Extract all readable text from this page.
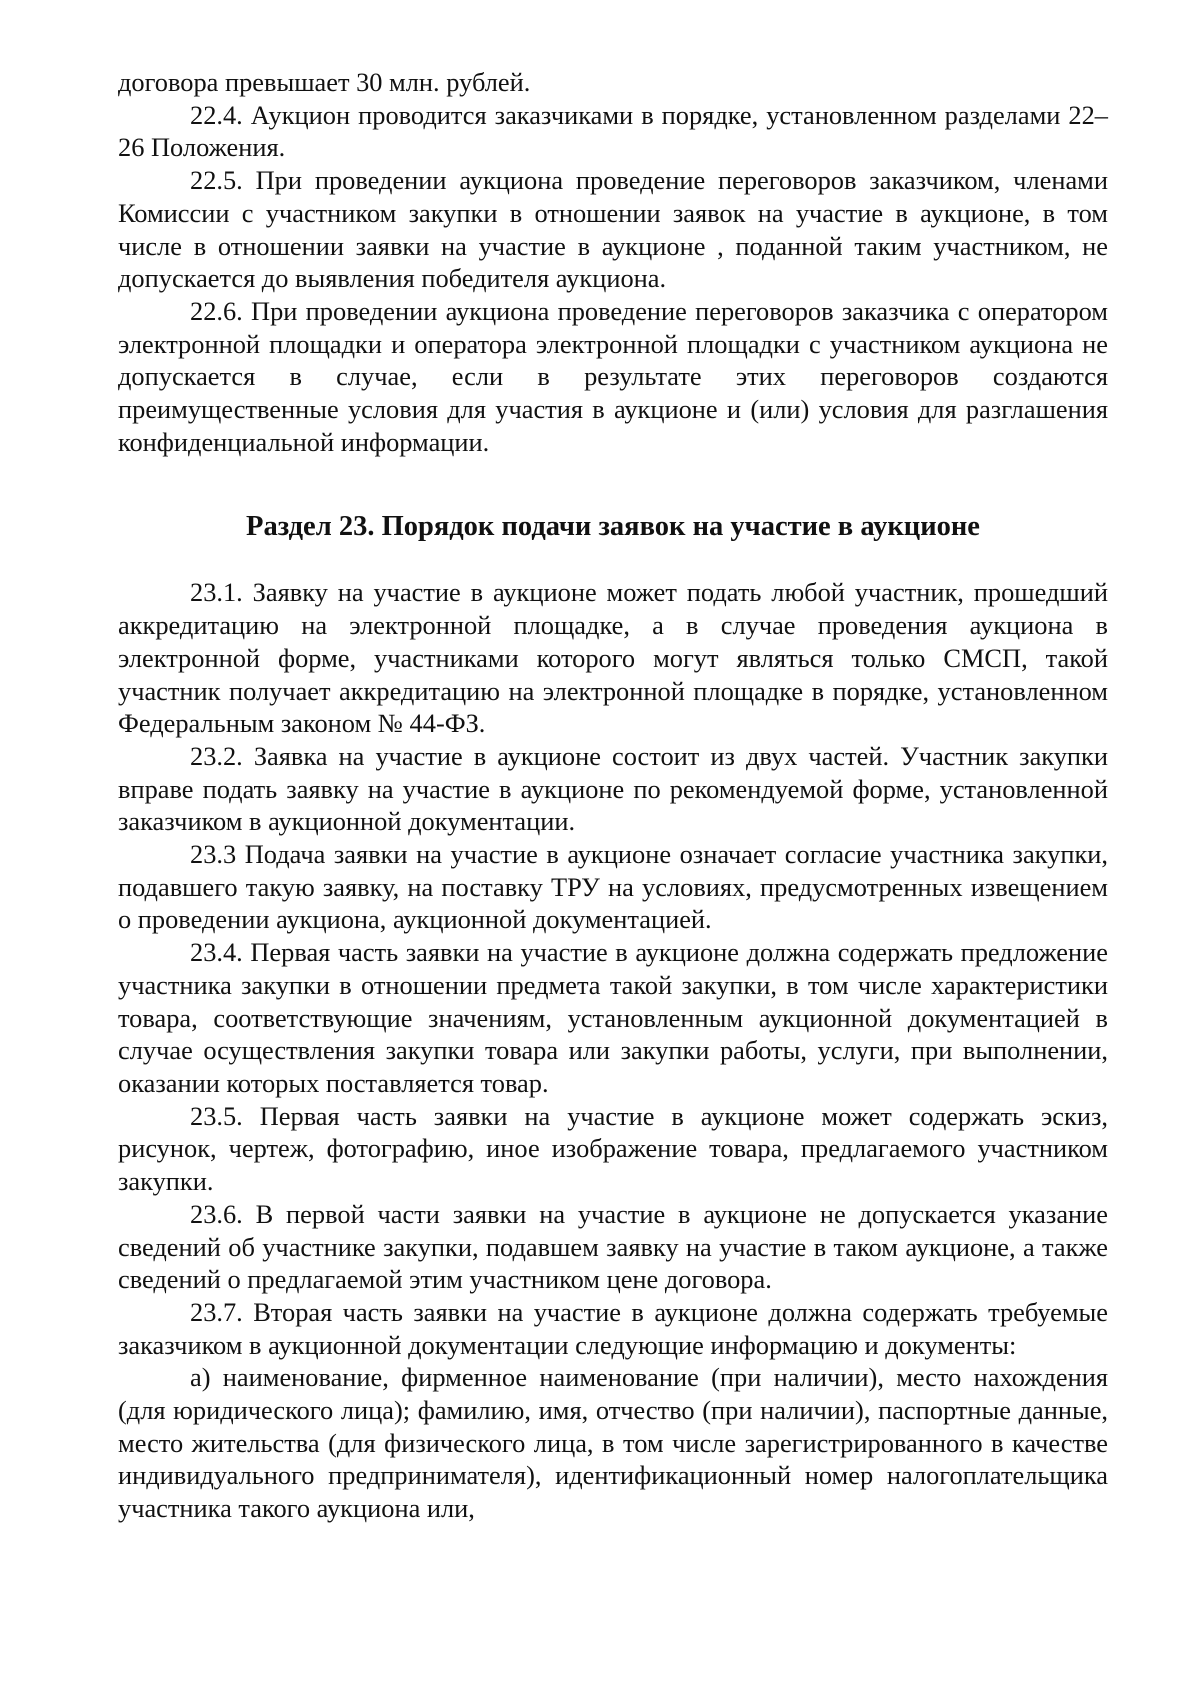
договора превышает 30 млн. рублей.

22.4. Аукцион проводится заказчиками в порядке, установленном разделами 22–26 Положения.

22.5. При проведении аукциона проведение переговоров заказчиком, членами Комиссии с участником закупки в отношении заявок на участие в аукционе, в том числе в отношении заявки на участие в аукционе , поданной таким участником, не допускается до выявления победителя аукциона.

22.6. При проведении аукциона проведение переговоров заказчика с оператором электронной площадки и оператора электронной площадки с участником аукциона не допускается в случае, если в результате этих переговоров создаются преимущественные условия для участия в аукционе и (или) условия для разглашения конфиденциальной информации.

Раздел 23. Порядок подачи заявок на участие в аукционе

23.1. Заявку на участие в аукционе может подать любой участник, прошедший аккредитацию на электронной площадке, а в случае проведения аукциона в электронной форме, участниками которого могут являться только СМСП, такой участник получает аккредитацию на электронной площадке в порядке, установленном Федеральным законом № 44-ФЗ.

23.2. Заявка на участие в аукционе состоит из двух частей. Участник закупки вправе подать заявку на участие в аукционе по рекомендуемой форме, установленной заказчиком в аукционной документации.

23.3 Подача заявки на участие в аукционе означает согласие участника закупки, подавшего такую заявку, на поставку ТРУ на условиях, предусмотренных извещением о проведении аукциона, аукционной документацией.

23.4. Первая часть заявки на участие в аукционе должна содержать предложение участника закупки в отношении предмета такой закупки, в том числе характеристики товара, соответствующие значениям, установленным аукционной документацией в случае осуществления закупки товара или закупки работы, услуги, при выполнении, оказании которых поставляется товар.

23.5. Первая часть заявки на участие в аукционе может содержать эскиз, рисунок, чертеж, фотографию, иное изображение товара, предлагаемого участником закупки.

23.6. В первой части заявки на участие в аукционе не допускается указание сведений об участнике закупки, подавшем заявку на участие в таком аукционе, а также сведений о предлагаемой этим участником цене договора.

23.7. Вторая часть заявки на участие в аукционе должна содержать требуемые заказчиком в аукционной документации следующие информацию и документы:

а) наименование, фирменное наименование (при наличии), место нахождения (для юридического лица); фамилию, имя, отчество (при наличии), паспортные данные, место жительства (для физического лица, в том числе зарегистрированного в качестве индивидуального предпринимателя), идентификационный номер налогоплательщика участника такого аукциона или,
